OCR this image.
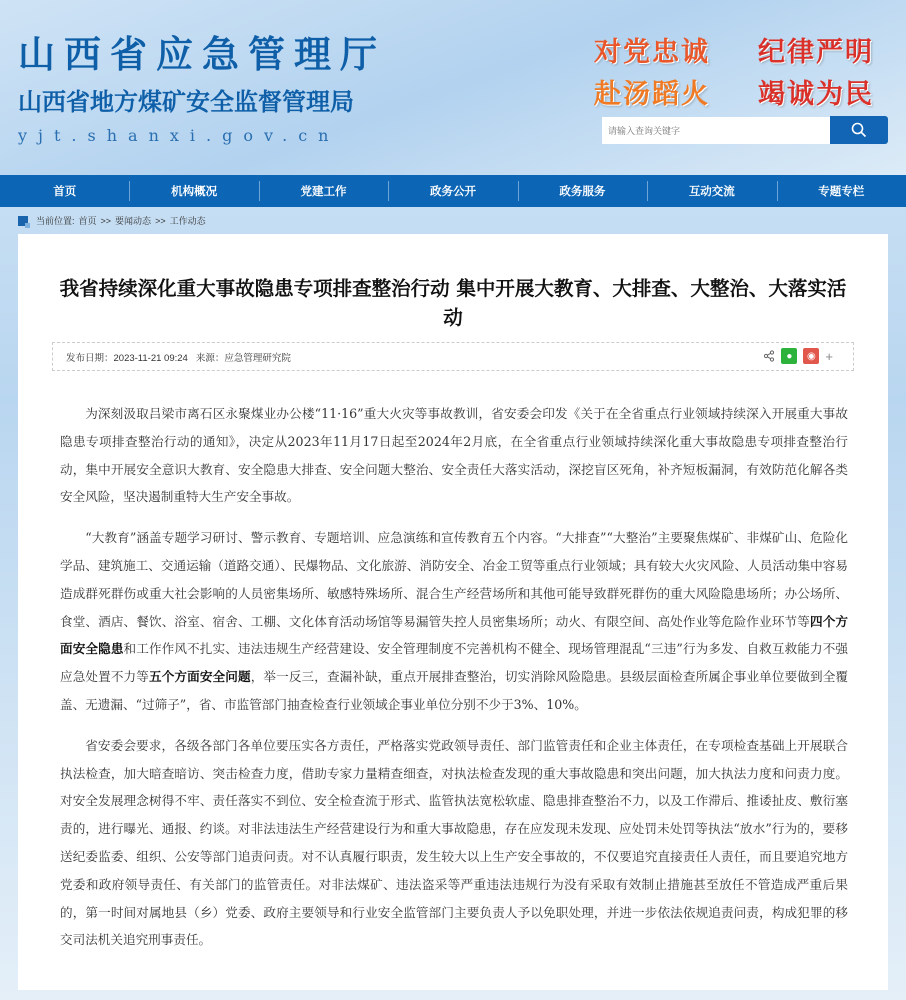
山西省应急管理厅
山西省地方煤矿安全监督管理局
yjt.shanxi.gov.cn
对党忠诚 纪律严明
赴汤蹈火 竭诚为民
请输入查询关键字
首页	机构概况	党建工作	政务公开	政务服务	互动交流	专题专栏
当前位置: 首页 >> 要闻动态 >> 工作动态
我省持续深化重大事故隐患专项排查整治行动 集中开展大教育、大排查、大整治、大落实活动
发布日期：2023-11-21 09:24 来源：应急管理研究院	●	◉ +

为深刻汲取吕梁市离石区永聚煤业办公楼“11·16”重大火灾等事故教训，省安委会印发《关于在全省重点行业领域持续深入开展重大事故隐患专项排查整治行动的通知》，决定从2023年11月17日起至2024年2月底，在全省重点行业领域持续深化重大事故隐患专项排查整治行动，集中开展安全意识大教育、安全隐患大排查、安全问题大整治、安全责任大落实活动，深挖盲区死角，补齐短板漏洞，有效防范化解各类安全风险，坚决遏制重特大生产安全事故。

“大教育”涵盖专题学习研讨、警示教育、专题培训、应急演练和宣传教育五个内容。“大排查”“大整治”主要聚焦煤矿、非煤矿山、危险化学品、建筑施工、交通运输（道路交通）、民爆物品、文化旅游、消防安全、冶金工贸等重点行业领域；具有较大火灾风险、人员活动集中容易造成群死群伤或重大社会影响的人员密集场所、敏感特殊场所、混合生产经营场所和其他可能导致群死群伤的重大风险隐患场所；办公场所、食堂、酒店、餐饮、浴室、宿舍、工棚、文化体育活动场馆等易漏管失控人员密集场所；动火、有限空间、高处作业等危险作业环节等四个方面安全隐患和工作作风不扎实、违法违规生产经营建设、安全管理制度不完善机构不健全、现场管理混乱“三违”行为多发、自救互救能力不强应急处置不力等五个方面安全问题，举一反三，查漏补缺，重点开展排查整治，切实消除风险隐患。县级层面检查所属企事业单位要做到全覆盖、无遗漏、“过筛子”，省、市监管部门抽查检查行业领域企事业单位分别不少于3%、10%。

省安委会要求，各级各部门各单位要压实各方责任，严格落实党政领导责任、部门监管责任和企业主体责任，在专项检查基础上开展联合执法检查，加大暗查暗访、突击检查力度，借助专家力量精查细查，对执法检查发现的重大事故隐患和突出问题，加大执法力度和问责力度。对安全发展理念树得不牢、责任落实不到位、安全检查流于形式、监管执法宽松软虚、隐患排查整治不力，以及工作滞后、推诿扯皮、敷衍塞责的，进行曝光、通报、约谈。对非法违法生产经营建设行为和重大事故隐患，存在应发现未发现、应处罚未处罚等执法“放水”行为的，要移送纪委监委、组织、公安等部门追责问责。对不认真履行职责，发生较大以上生产安全事故的，不仅要追究直接责任人责任，而且要追究地方党委和政府领导责任、有关部门的监管责任。对非法煤矿、违法盗采等严重违法违规行为没有采取有效制止措施甚至放任不管造成严重后果的，第一时间对属地县（乡）党委、政府主要领导和行业安全监管部门主要负责人予以免职处理，并进一步依法依规追责问责，构成犯罪的移交司法机关追究刑事责任。
